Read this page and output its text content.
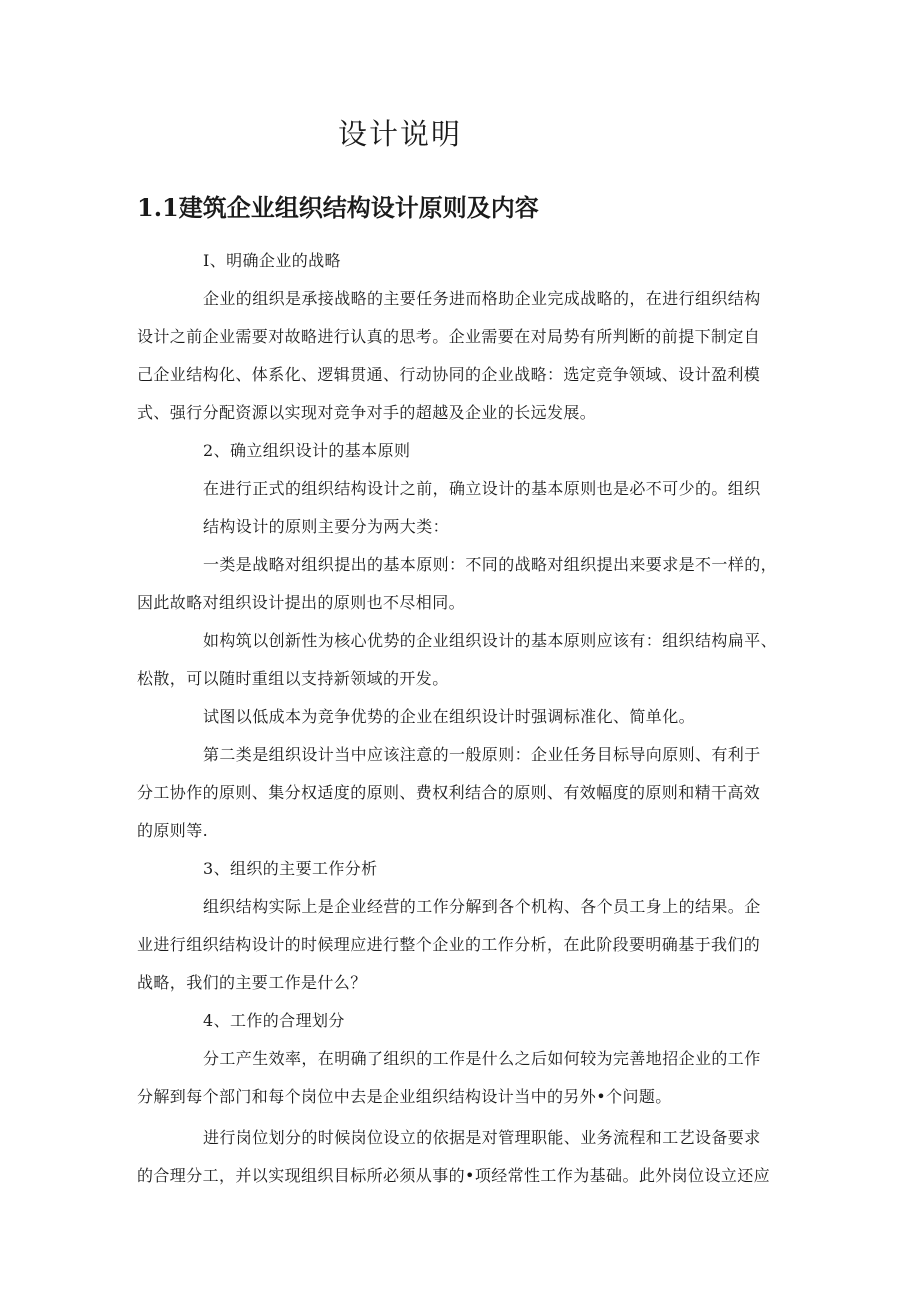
设计说明
1.1建筑企业组织结构设计原则及内容
I、明确企业的战略
企业的组织是承接战略的主要任务进而格助企业完成战略的，在进行组织结构
设计之前企业需要对故略进行认真的思考。企业需要在对局势有所判断的前提下制定自
己企业结构化、体系化、逻辑贯通、行动协同的企业战略：选定竞争领域、设计盈利模
式、强行分配资源以实现对竞争对手的超越及企业的长远发展。
2、确立组织设计的基本原则
在进行正式的组织结构设计之前，确立设计的基本原则也是必不可少的。组织
结构设计的原则主要分为两大类：
一类是战略对组织提出的基本原则：不同的战略对组织提出来要求是不一样的，
因此故略对组织设计提出的原则也不尽相同。
如构筑以创新性为核心优势的企业组织设计的基本原则应该有：组织结构扁平、
松散，可以随时重组以支持新领域的开发。
试图以低成本为竞争优势的企业在组织设计时强调标准化、简单化。
第二类是组织设计当中应该注意的一般原则：企业任务目标导向原则、有利于
分工协作的原则、集分权适度的原则、费权利结合的原则、有效幅度的原则和精干高效
的原则等.
3、组织的主要工作分析
组织结构实际上是企业经营的工作分解到各个机构、各个员工身上的结果。企
业进行组织结构设计的时候理应进行整个企业的工作分析，在此阶段要明确基于我们的
战略，我们的主要工作是什么？
4、工作的合理划分
分工产生效率，在明确了组织的工作是什么之后如何较为完善地招企业的工作
分解到每个部门和每个岗位中去是企业组织结构设计当中的另外•个问题。
进行岗位划分的时候岗位设立的依据是对管理职能、业务流程和工艺设备要求
的合理分工，并以实现组织目标所必须从事的•项经常性工作为基础。此外岗位设立还应
